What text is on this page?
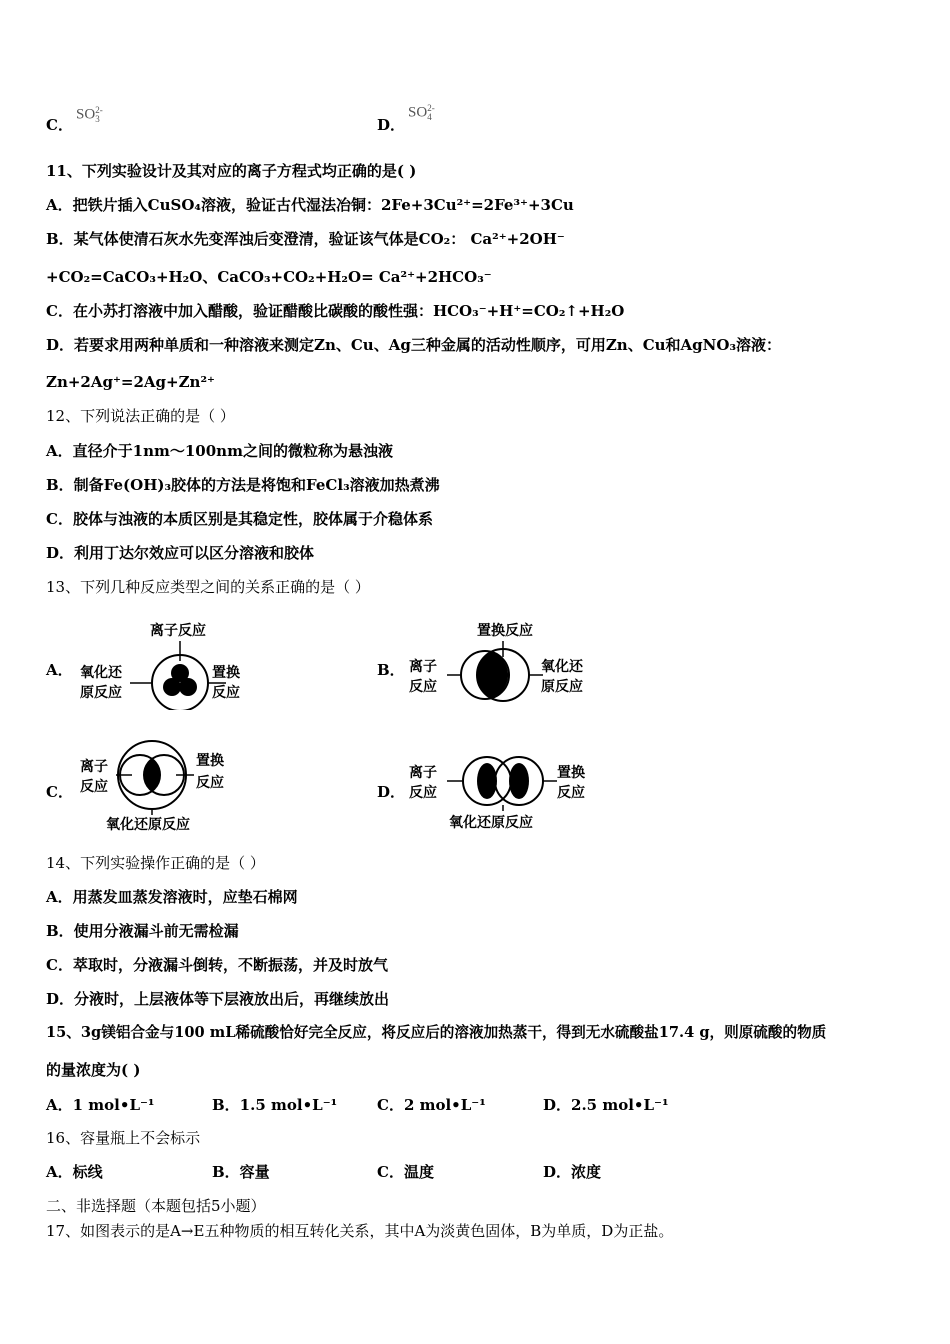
C．
SO 2-
3	D．
SO 2-
4
11、下列实验设计及其对应的离子方程式均正确的是( )
A．把铁片插入CuSO₄溶液，验证古代湿法冶铜：2Fe+3Cu²⁺=2Fe³⁺+3Cu
B．某气体使清石灰水先变浑浊后变澄清，验证该气体是CO₂： Ca²⁺+2OH⁻
+CO₂=CaCO₃+H₂O、CaCO₃+CO₂+H₂O= Ca²⁺+2HCO₃⁻
C．在小苏打溶液中加入醋酸，验证醋酸比碳酸的酸性强：HCO₃⁻+H⁺=CO₂↑+H₂O
D．若要求用两种单质和一种溶液来测定Zn、Cu、Ag三种金属的活动性顺序，可用Zn、Cu和AgNO₃溶液：
Zn+2Ag⁺=2Ag+Zn²⁺
12、下列说法正确的是（ ）
A．直径介于1nm～100nm之间的微粒称为悬浊液
B．制备Fe(OH)₃胶体的方法是将饱和FeCl₃溶液加热煮沸
C．胶体与浊液的本质区别是其稳定性，胶体属于介稳体系
D．利用丁达尔效应可以区分溶液和胶体
13、下列几种反应类型之间的关系正确的是（ ）
A．
离子反应
氧化还
原反应
置换
反应
B．
置换反应
离子
反应
氧化还
原反应
C．
离子
反应
置换
反应
氧化还原反应
D．
离子
反应
置换
反应
氧化还原反应
14、下列实验操作正确的是（ ）
A．用蒸发皿蒸发溶液时，应垫石棉网
B．使用分液漏斗前无需检漏
C．萃取时，分液漏斗倒转，不断振荡，并及时放气
D．分液时，上层液体等下层液放出后，再继续放出
15、3g镁铝合金与100 mL稀硫酸恰好完全反应，将反应后的溶液加热蒸干，得到无水硫酸盐17.4 g，则原硫酸的物质
的量浓度为( )
A．1 mol•L⁻¹	B．1.5 mol•L⁻¹	C．2 mol•L⁻¹	D．2.5 mol•L⁻¹
16、容量瓶上不会标示
A．标线	B．容量	C．温度	D．浓度
二、非选择题（本题包括5小题）
17、如图表示的是A→E五种物质的相互转化关系，其中A为淡黄色固体，B为单质，D为正盐。
